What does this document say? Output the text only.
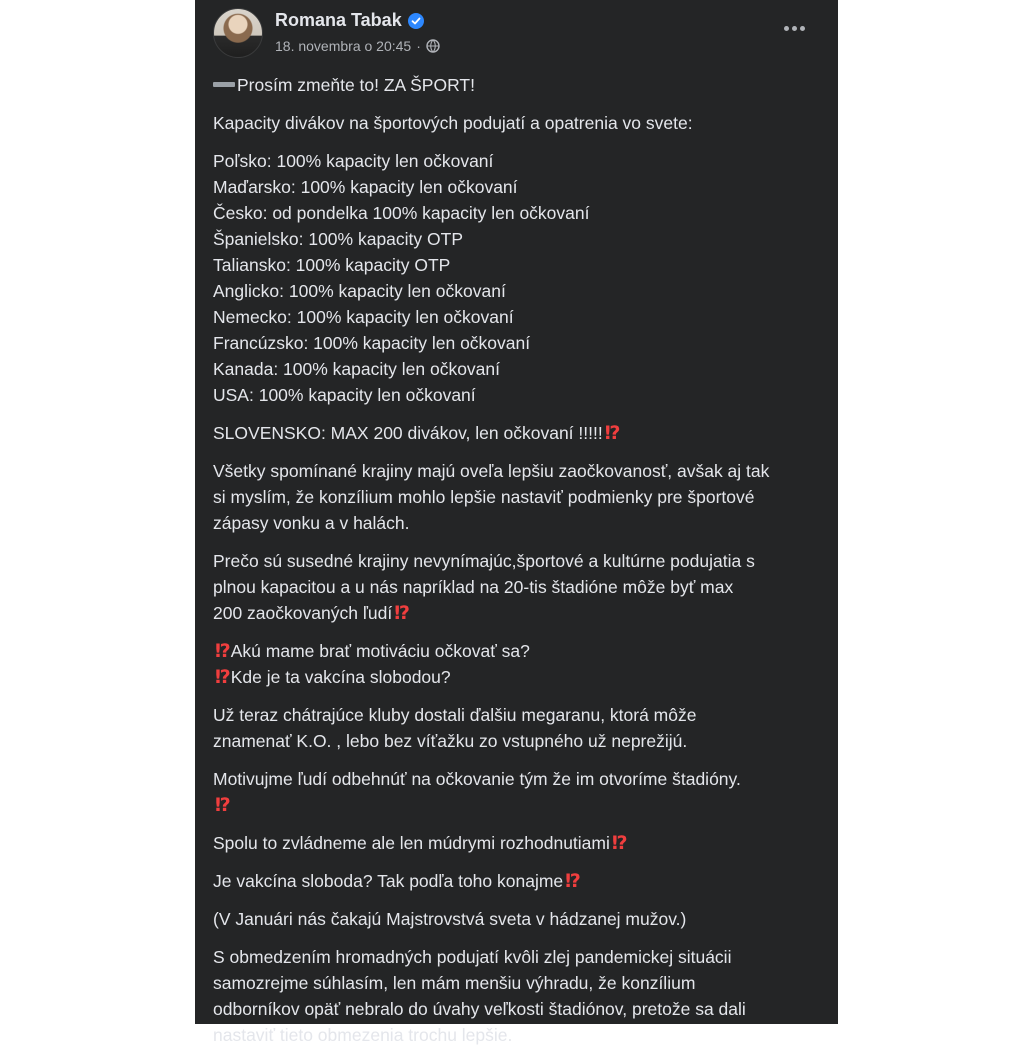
Romana Tabak
18. novembra o 20:45 ·

Prosím zmeňte to! ZA ŠPORT!

Kapacity divákov na športových podujatí a opatrenia vo svete:

Poľsko: 100% kapacity len očkovaní
Maďarsko: 100% kapacity len očkovaní
Česko: od pondelka 100% kapacity len očkovaní
Španielsko: 100% kapacity OTP
Taliansko: 100% kapacity OTP
Anglicko: 100% kapacity len očkovaní
Nemecko: 100% kapacity len očkovaní
Francúzsko: 100% kapacity len očkovaní
Kanada: 100% kapacity len očkovaní
USA: 100% kapacity len očkovaní

SLOVENSKO: MAX 200 divákov, len očkovaní !!!!! ⁉

Všetky spomínané krajiny majú oveľa lepšiu zaočkovanosť, avšak aj tak
si myslím, že konzílium mohlo lepšie nastaviť podmienky pre športové
zápasy vonku a v halách.

Prečo sú susedné krajiny nevynímajúc,športové a kultúrne podujatia s
plnou kapacitou a u nás napríklad na 20-tis štadióne môže byť max
200 zaočkovaných ľudí ⁉

⁉ Akú mame brať motiváciu očkovať sa?
⁉ Kde je ta vakcína slobodou?

Už teraz chátrajúce kluby dostali ďalšiu megaranu, ktorá môže
znamenať K.O. , lebo bez víťažku zo vstupného už neprežijú.

Motivujme ľudí odbehnúť na očkovanie tým že im otvoríme štadióny.
⁉

Spolu to zvládneme ale len múdrymi rozhodnutiami ⁉

Je vakcína sloboda? Tak podľa toho konajme ⁉

(V Januári nás čakajú Majstrovstvá sveta v hádzanej mužov.)

S obmedzením hromadných podujatí kvôli zlej pandemickej situácii
samozrejme súhlasím, len mám menšiu výhradu, že konzílium
odborníkov opäť nebralo do úvahy veľkosti štadiónov, pretože sa dali
nastaviť tieto obmezenia trochu lepšie.
